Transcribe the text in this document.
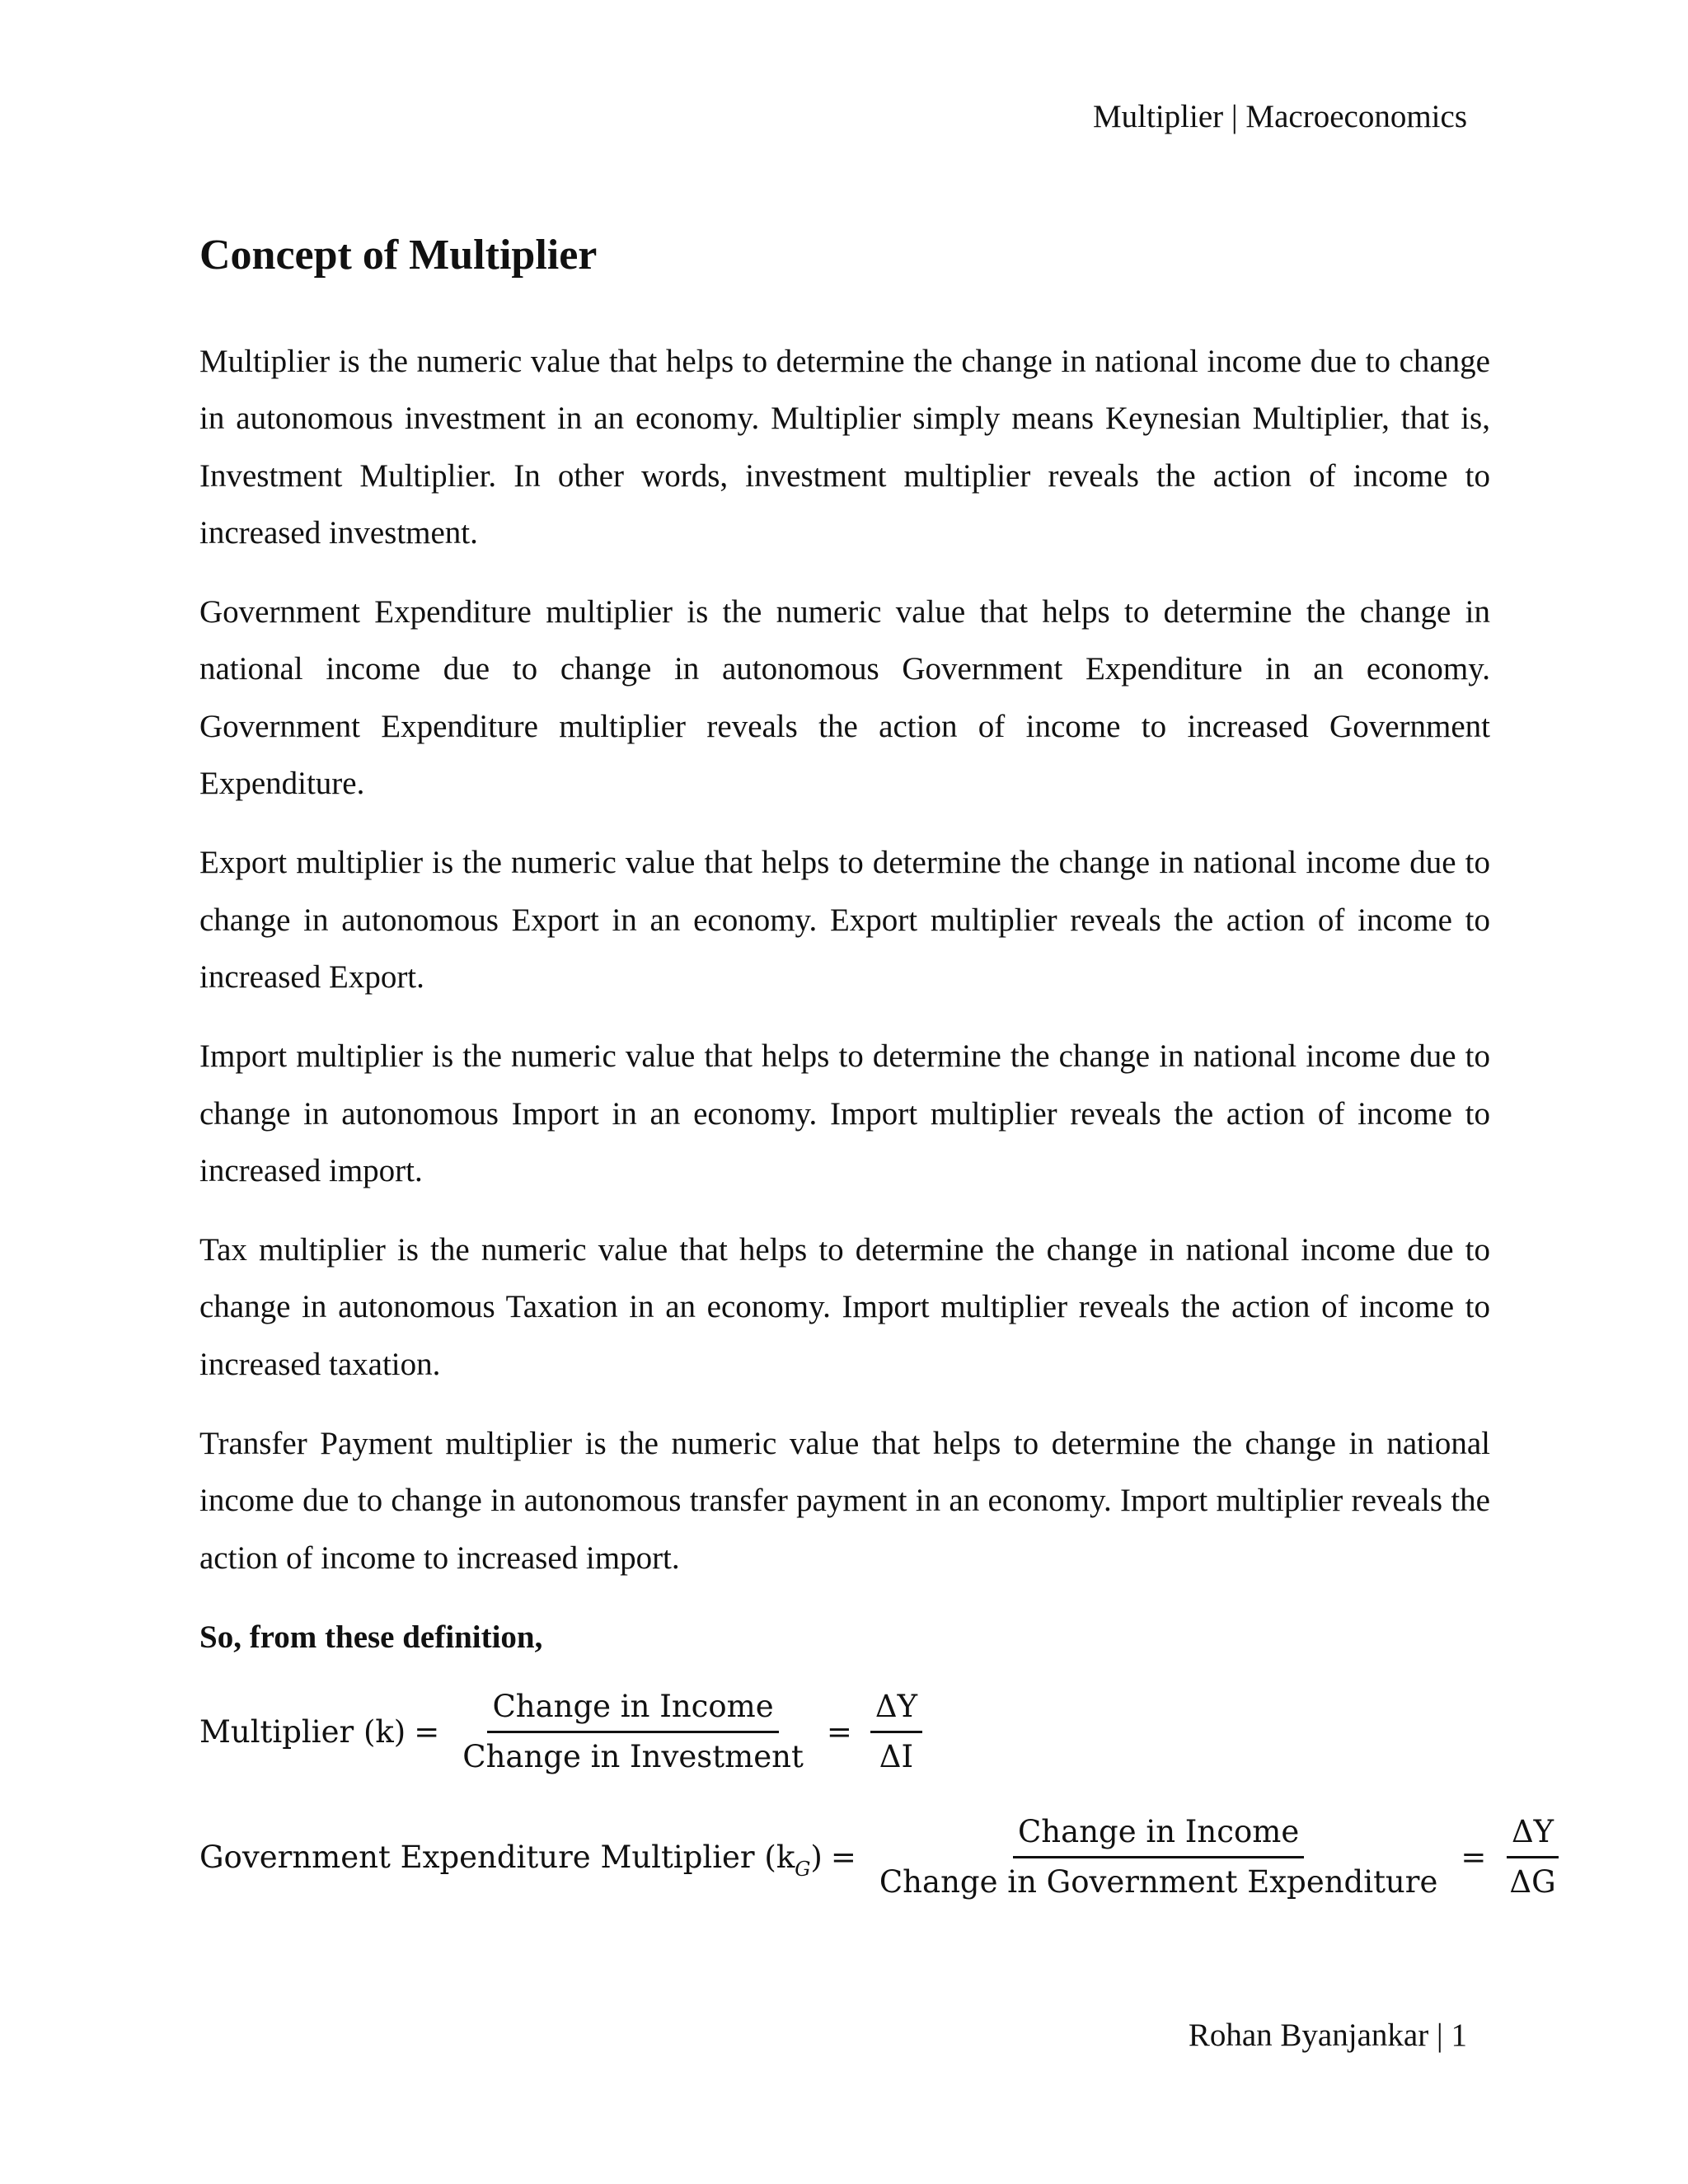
Multiplier | Macroeconomics
Concept of Multiplier

Multiplier is the numeric value that helps to determine the change in national income due to change in autonomous investment in an economy. Multiplier simply means Keynesian Multiplier, that is, Investment Multiplier. In other words, investment multiplier reveals the action of income to increased investment.

Government Expenditure multiplier is the numeric value that helps to determine the change in national income due to change in autonomous Government Expenditure in an economy. Government Expenditure multiplier reveals the action of income to increased Government Expenditure.

Export multiplier is the numeric value that helps to determine the change in national income due to change in autonomous Export in an economy. Export multiplier reveals the action of income to increased Export.

Import multiplier is the numeric value that helps to determine the change in national income due to change in autonomous Import in an economy. Import multiplier reveals the action of income to increased import.

Tax multiplier is the numeric value that helps to determine the change in national income due to change in autonomous Taxation in an economy. Import multiplier reveals the action of income to increased taxation.

Transfer Payment multiplier is the numeric value that helps to determine the change in national income due to change in autonomous transfer payment in an economy. Import multiplier reveals the action of income to increased import.

So, from these definition,

Multiplier $(k) = \frac{\text{Change in Income}}{\text{Change in Investment}} = \frac{\Delta Y}{\Delta I}$
Government Expenditure Multiplier $(k_G) = \frac{\text{Change in Income}}{\text{Change in Government Expenditure}} = \frac{\Delta Y}{\Delta G}$
Rohan Byanjankar | 1
